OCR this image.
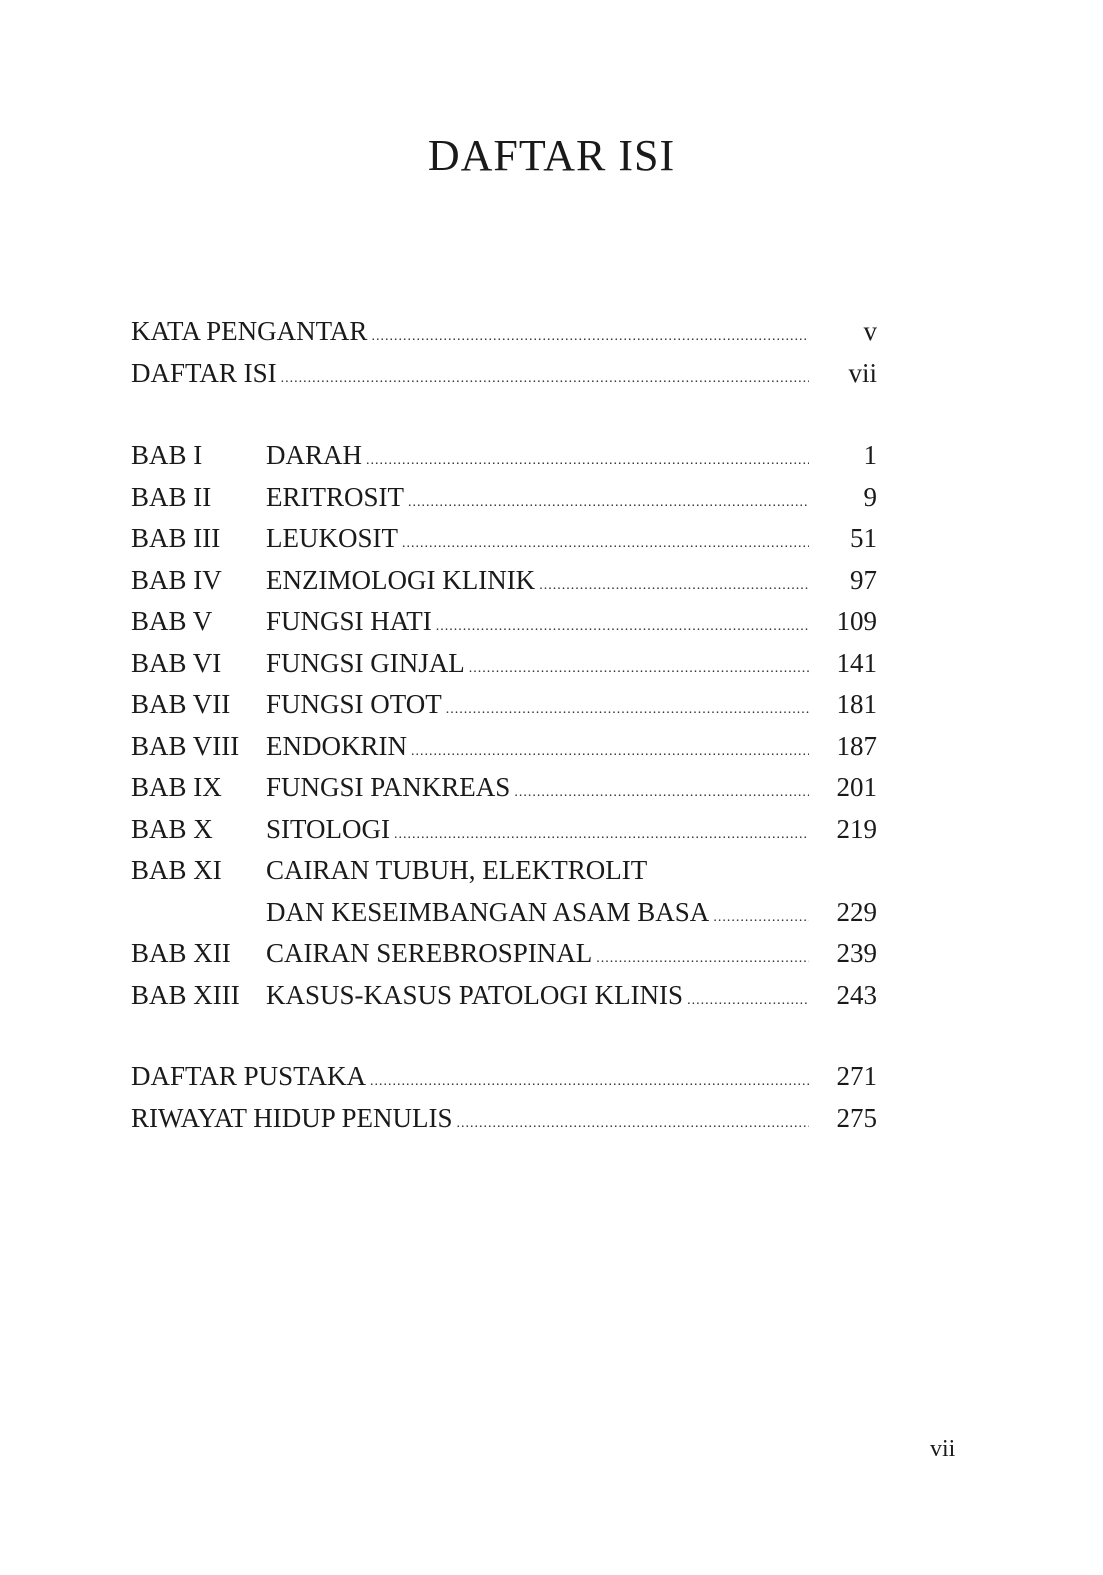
DAFTAR ISI
KATA PENGANTAR .....	v
DAFTAR ISI .....	vii
BAB I	DARAH .....	1
BAB II	ERITROSIT .....	9
BAB III	LEUKOSIT .....	51
BAB IV	ENZIMOLOGI KLINIK .....	97
BAB V	FUNGSI HATI .....	109
BAB VI	FUNGSI GINJAL .....	141
BAB VII	FUNGSI OTOT .....	181
BAB VIII ENDOKRIN .....	187
BAB IX	FUNGSI PANKREAS .....	201
BAB X	SITOLOGI .....	219
BAB XI	CAIRAN TUBUH, ELEKTROLIT
DAN KESEIMBANGAN ASAM BASA .....	229
BAB XII	CAIRAN SEREBROSPINAL .....	239
BAB XIII KASUS-KASUS PATOLOGI KLINIS .....	243
DAFTAR PUSTAKA .....	271
RIWAYAT HIDUP PENULIS .....	275
vii
